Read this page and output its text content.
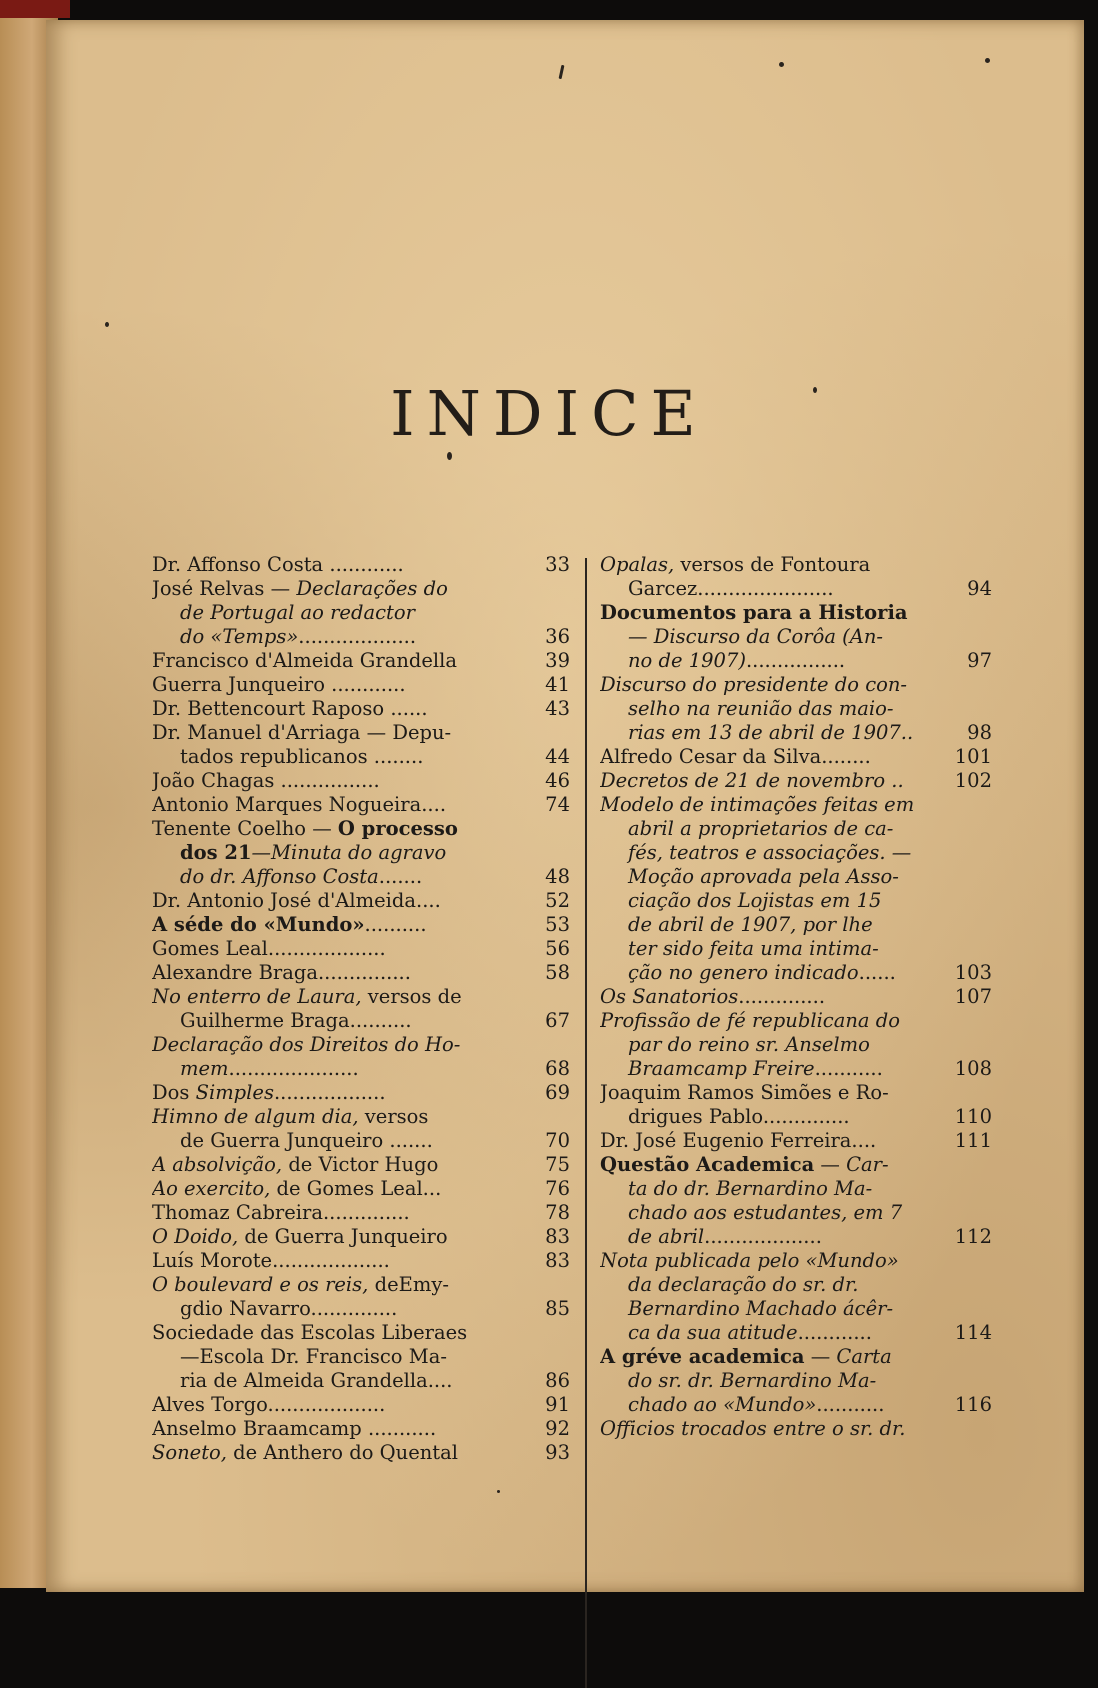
INDICE
Dr. Affonso Costa ............	33
José Relvas — Declarações do
de Portugal ao redactor
do «Temps»...................	36
Francisco d'Almeida Grandella	39
Guerra Junqueiro ............	41
Dr. Bettencourt Raposo ......	43
Dr. Manuel d'Arriaga — Depu-
tados republicanos ........	44
João Chagas ................	46
Antonio Marques Nogueira....	74
Tenente Coelho — O processo
dos 21—Minuta do agravo
do dr. Affonso Costa.......	48
Dr. Antonio José d'Almeida....	52
A séde do «Mundo»..........	53
Gomes Leal...................	56
Alexandre Braga...............	58
No enterro de Laura, versos de
Guilherme Braga..........	67
Declaração dos Direitos do Ho-
mem.....................	68
Dos Simples..................	69
Himno de algum dia, versos
de Guerra Junqueiro .......	70
A absolvição, de Victor Hugo	75
Ao exercito, de Gomes Leal...	76
Thomaz Cabreira..............	78
O Doido, de Guerra Junqueiro	83
Luís Morote...................	83
O boulevard e os reis, deEmy-
gdio Navarro..............	85
Sociedade das Escolas Liberaes
—Escola Dr. Francisco Ma-
ria de Almeida Grandella....	86
Alves Torgo...................	91
Anselmo Braamcamp ...........	92
Soneto, de Anthero do Quental	93
Opalas, versos de Fontoura
Garcez......................	94
Documentos para a Historia
— Discurso da Corôa (An-
no de 1907)................	97
Discurso do presidente do con-
selho na reunião das maio-
rias em 13 de abril de 1907..	98
Alfredo Cesar da Silva........	101
Decretos de 21 de novembro ..	102
Modelo de intimações feitas em
abril a proprietarios de ca-
fés, teatros e associações. —
Moção aprovada pela Asso-
ciação dos Lojistas em 15
de abril de 1907, por lhe
ter sido feita uma intima-
ção no genero indicado......	103
Os Sanatorios..............	107
Profissão de fé republicana do
par do reino sr. Anselmo
Braamcamp Freire...........	108
Joaquim Ramos Simões e Ro-
drigues Pablo..............	110
Dr. José Eugenio Ferreira....	111
Questão Academica — Car-
ta do dr. Bernardino Ma-
chado aos estudantes, em 7
de abril...................	112
Nota publicada pelo «Mundo»
da declaração do sr. dr.
Bernardino Machado ácêr-
ca da sua atitude............	114
A gréve academica — Carta
do sr. dr. Bernardino Ma-
chado ao «Mundo»...........	116
Officios trocados entre o sr. dr.
